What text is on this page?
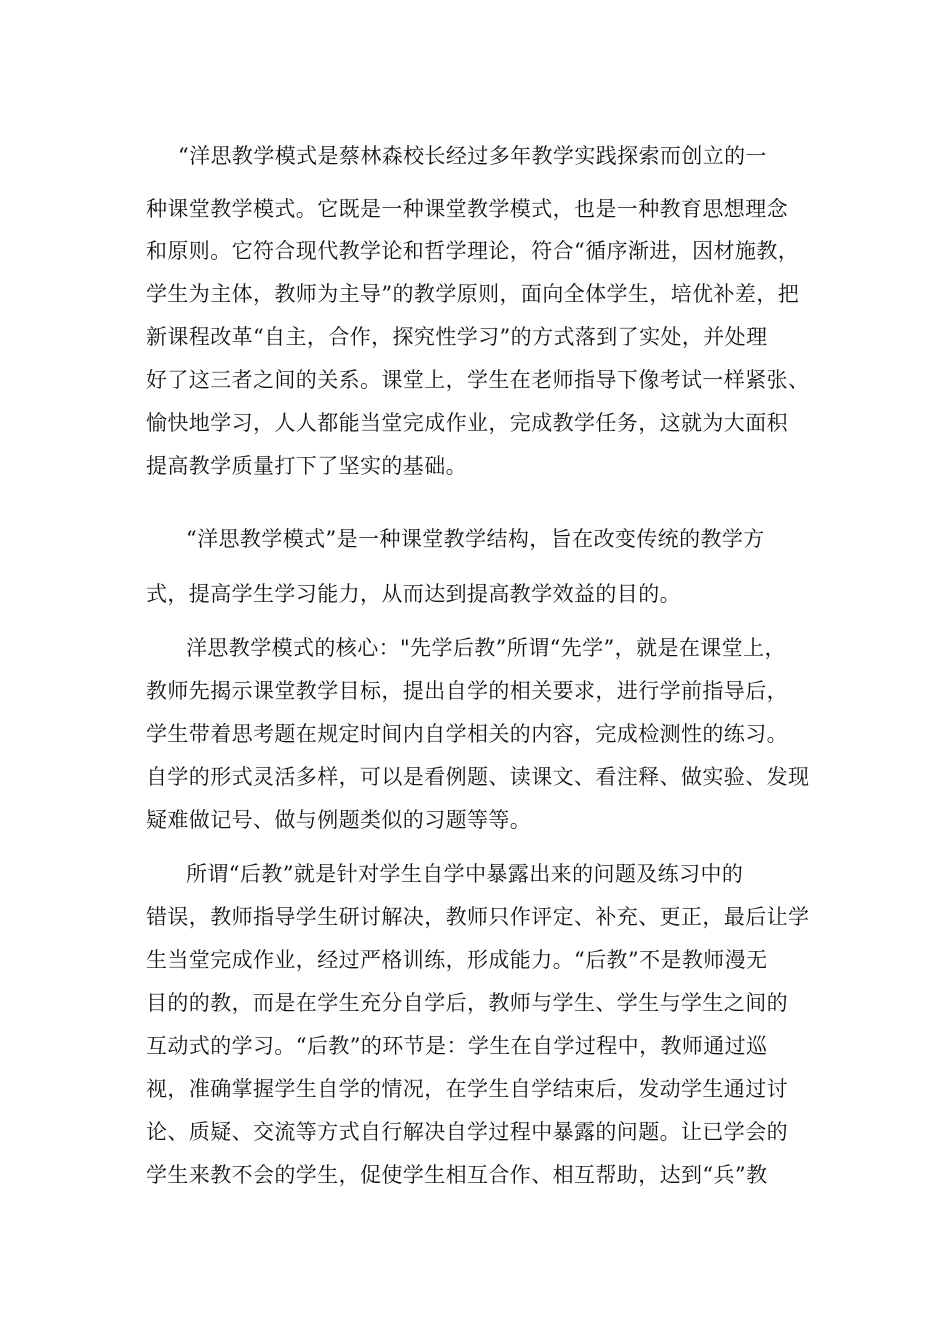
“洋思教学模式是蔡林森校长经过多年教学实践探索而创立的一
种课堂教学模式。它既是一种课堂教学模式，也是一种教育思想理念
和原则。它符合现代教学论和哲学理论，符合“循序渐进，因材施教，
学生为主体，教师为主导”的教学原则，面向全体学生，培优补差，把
新课程改革“自主，合作，探究性学习”的方式落到了实处，并处理
好了这三者之间的关系。课堂上，学生在老师指导下像考试一样紧张、
愉快地学习，人人都能当堂完成作业，完成教学任务，这就为大面积
提高教学质量打下了坚实的基础。
“洋思教学模式”是一种课堂教学结构，旨在改变传统的教学方
式，提高学生学习能力，从而达到提高教学效益的目的。
洋思教学模式的核心："先学后教”所谓“先学”，就是在课堂上，
教师先揭示课堂教学目标，提出自学的相关要求，进行学前指导后，
学生带着思考题在规定时间内自学相关的内容，完成检测性的练习。
自学的形式灵活多样，可以是看例题、读课文、看注释、做实验、发现
疑难做记号、做与例题类似的习题等等。
所谓“后教”就是针对学生自学中暴露出来的问题及练习中的
错误，教师指导学生研讨解决，教师只作评定、补充、更正，最后让学
生当堂完成作业，经过严格训练，形成能力。“后教”不是教师漫无
目的的教，而是在学生充分自学后，教师与学生、学生与学生之间的
互动式的学习。“后教”的环节是：学生在自学过程中，教师通过巡
视，准确掌握学生自学的情况，在学生自学结束后，发动学生通过讨
论、质疑、交流等方式自行解决自学过程中暴露的问题。让已学会的
学生来教不会的学生，促使学生相互合作、相互帮助，达到“兵”教
